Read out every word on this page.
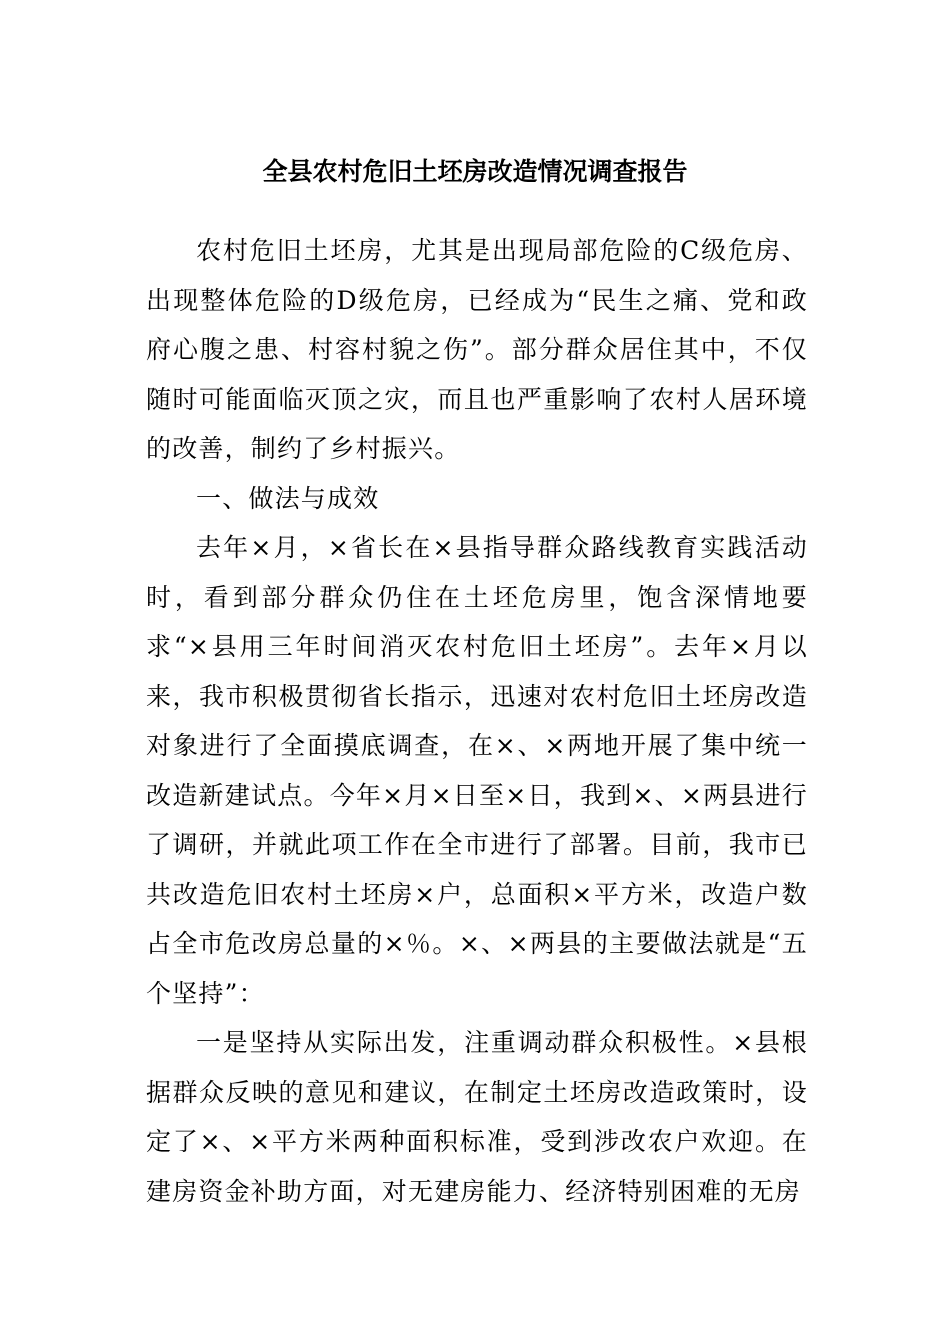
全县农村危旧土坯房改造情况调查报告

农村危旧土坯房，尤其是出现局部危险的C级危房、出现整体危险的D级危房，已经成为“民生之痛、党和政府心腹之患、村容村貌之伤”。部分群众居住其中，不仅随时可能面临灭顶之灾，而且也严重影响了农村人居环境的改善，制约了乡村振兴。

一、做法与成效

去年×月，×省长在×县指导群众路线教育实践活动时，看到部分群众仍住在土坯危房里，饱含深情地要求“×县用三年时间消灭农村危旧土坯房”。去年×月以来，我市积极贯彻省长指示，迅速对农村危旧土坯房改造对象进行了全面摸底调查，在×、×两地开展了集中统一改造新建试点。今年×月×日至×日，我到×、×两县进行了调研，并就此项工作在全市进行了部署。目前，我市已共改造危旧农村土坯房×户，总面积×平方米，改造户数占全市危改房总量的×％。×、×两县的主要做法就是“五个坚持”：

一是坚持从实际出发，注重调动群众积极性。×县根据群众反映的意见和建议，在制定土坯房改造政策时，设定了×、×平方米两种面积标准，受到涉改农户欢迎。在建房资金补助方面，对无建房能力、经济特别困难的无房
